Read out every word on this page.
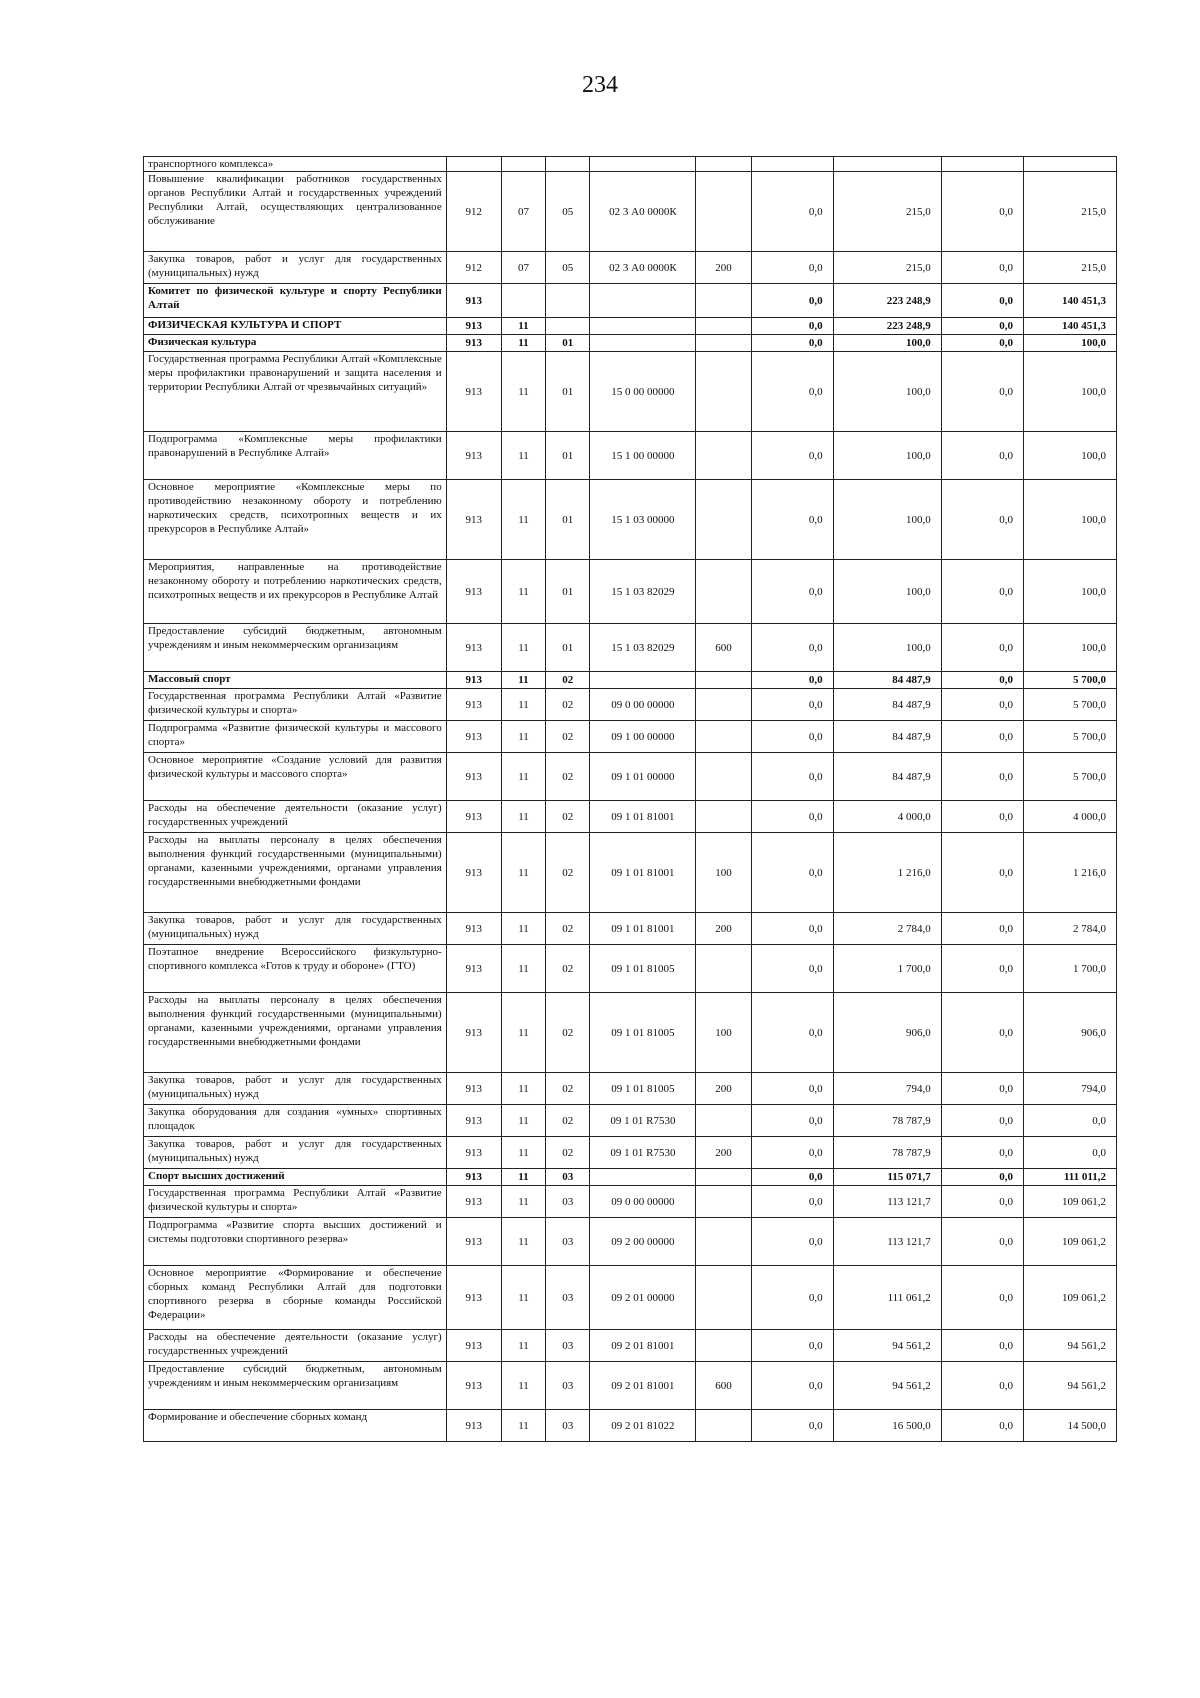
234
транспортного комплекса»									
Повышение квалификации работников государственных органов Республики Алтай и государственных учреждений Республики Алтай, осуществляющих централизованное обслуживание	912	07	05	02 3 А0 0000К		0,0	215,0	0,0	215,0
Закупка товаров, работ и услуг для государственных (муниципальных) нужд	912	07	05	02 3 А0 0000К	200	0,0	215,0	0,0	215,0
Комитет по физической культуре и спорту Республики Алтай	913					0,0	223 248,9	0,0	140 451,3
ФИЗИЧЕСКАЯ КУЛЬТУРА И СПОРТ	913	11				0,0	223 248,9	0,0	140 451,3
Физическая культура	913	11	01			0,0	100,0	0,0	100,0
Государственная программа Республики Алтай «Комплексные меры профилактики правонарушений и защита населения и территории Республики Алтай от чрезвычайных ситуаций»	913	11	01	15 0 00 00000		0,0	100,0	0,0	100,0
Подпрограмма «Комплексные меры профилактики правонарушений в Республике Алтай»	913	11	01	15 1 00 00000		0,0	100,0	0,0	100,0
Основное мероприятие «Комплексные меры по противодействию незаконному обороту и потреблению наркотических средств, психотропных веществ и их прекурсоров в Республике Алтай»	913	11	01	15 1 03 00000		0,0	100,0	0,0	100,0
Мероприятия, направленные на противодействие незаконному обороту и потреблению наркотических средств, психотропных веществ и их прекурсоров в Республике Алтай	913	11	01	15 1 03 82029		0,0	100,0	0,0	100,0
Предоставление субсидий бюджетным, автономным учреждениям и иным некоммерческим организациям	913	11	01	15 1 03 82029	600	0,0	100,0	0,0	100,0
Массовый спорт	913	11	02			0,0	84 487,9	0,0	5 700,0
Государственная программа Республики Алтай «Развитие физической культуры и спорта»	913	11	02	09 0 00 00000		0,0	84 487,9	0,0	5 700,0
Подпрограмма «Развитие физической культуры и массового спорта»	913	11	02	09 1 00 00000		0,0	84 487,9	0,0	5 700,0
Основное мероприятие «Создание условий для развития физической культуры и массового спорта»	913	11	02	09 1 01 00000		0,0	84 487,9	0,0	5 700,0
Расходы на обеспечение деятельности (оказание услуг) государственных учреждений	913	11	02	09 1 01 81001		0,0	4 000,0	0,0	4 000,0
Расходы на выплаты персоналу в целях обеспечения выполнения функций государственными (муниципальными) органами, казенными учреждениями, органами управления государственными внебюджетными фондами	913	11	02	09 1 01 81001	100	0,0	1 216,0	0,0	1 216,0
Закупка товаров, работ и услуг для государственных (муниципальных) нужд	913	11	02	09 1 01 81001	200	0,0	2 784,0	0,0	2 784,0
Поэтапное внедрение Всероссийского физкультурно-спортивного комплекса «Готов к труду и обороне» (ГТО)	913	11	02	09 1 01 81005		0,0	1 700,0	0,0	1 700,0
Расходы на выплаты персоналу в целях обеспечения выполнения функций государственными (муниципальными) органами, казенными учреждениями, органами управления государственными внебюджетными фондами	913	11	02	09 1 01 81005	100	0,0	906,0	0,0	906,0
Закупка товаров, работ и услуг для государственных (муниципальных) нужд	913	11	02	09 1 01 81005	200	0,0	794,0	0,0	794,0
Закупка оборудования для создания «умных» спортивных площадок	913	11	02	09 1 01 R7530		0,0	78 787,9	0,0	0,0
Закупка товаров, работ и услуг для государственных (муниципальных) нужд	913	11	02	09 1 01 R7530	200	0,0	78 787,9	0,0	0,0
Спорт высших достижений	913	11	03			0,0	115 071,7	0,0	111 011,2
Государственная программа Республики Алтай «Развитие физической культуры и спорта»	913	11	03	09 0 00 00000		0,0	113 121,7	0,0	109 061,2
Подпрограмма «Развитие спорта высших достижений и системы подготовки спортивного резерва»	913	11	03	09 2 00 00000		0,0	113 121,7	0,0	109 061,2
Основное мероприятие «Формирование и обеспечение сборных команд Республики Алтай для подготовки спортивного резерва в сборные команды Российской Федерации»	913	11	03	09 2 01 00000		0,0	111 061,2	0,0	109 061,2
Расходы на обеспечение деятельности (оказание услуг) государственных учреждений	913	11	03	09 2 01 81001		0,0	94 561,2	0,0	94 561,2
Предоставление субсидий бюджетным, автономным учреждениям и иным некоммерческим организациям	913	11	03	09 2 01 81001	600	0,0	94 561,2	0,0	94 561,2
Формирование и обеспечение сборных команд	913	11	03	09 2 01 81022		0,0	16 500,0	0,0	14 500,0
